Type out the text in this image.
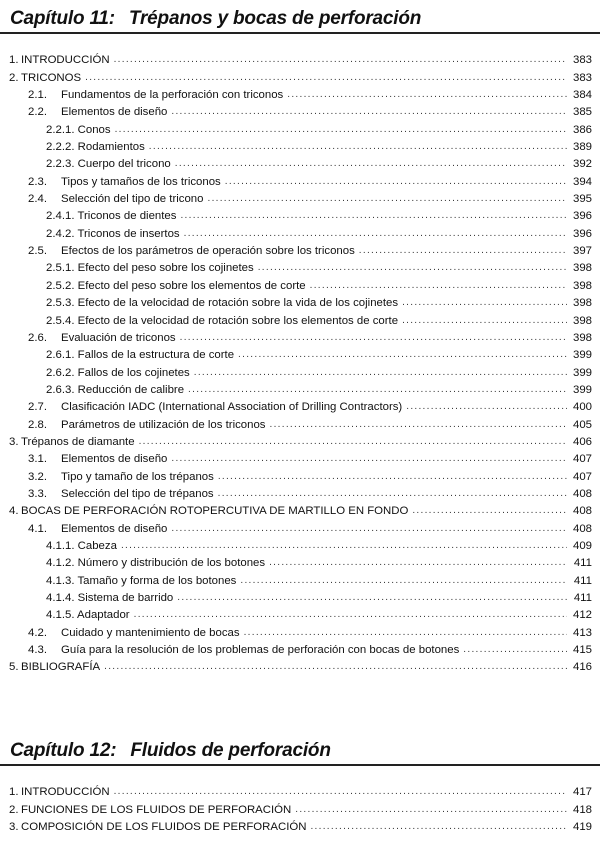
Capítulo 11: Trépanos y bocas de perforación
1. INTRODUCCIÓN .....	383
2. TRICONOS .....	383
2.1. Fundamentos de la perforación con triconos .....	384
2.2. Elementos de diseño .....	385
2.2.1. Conos .....	386
2.2.2. Rodamientos .....	389
2.2.3. Cuerpo del tricono .....	392
2.3. Tipos y tamaños de los triconos .....	394
2.4. Selección del tipo de tricono .....	395
2.4.1. Triconos de dientes .....	396
2.4.2. Triconos de insertos .....	396
2.5. Efectos de los parámetros de operación sobre los triconos .....	397
2.5.1. Efecto del peso sobre los cojinetes .....	398
2.5.2. Efecto del peso sobre los elementos de corte .....	398
2.5.3. Efecto de la velocidad de rotación sobre la vida de los cojinetes .....	398
2.5.4. Efecto de la velocidad de rotación sobre los elementos de corte .....	398
2.6. Evaluación de triconos .....	398
2.6.1. Fallos de la estructura de corte .....	399
2.6.2. Fallos de los cojinetes .....	399
2.6.3. Reducción de calibre .....	399
2.7. Clasificación IADC (International Association of Drilling Contractors) .....	400
2.8. Parámetros de utilización de los triconos .....	405
3. Trépanos de diamante .....	406
3.1. Elementos de diseño .....	407
3.2. Tipo y tamaño de los trépanos .....	407
3.3. Selección del tipo de trépanos .....	408
4. BOCAS DE PERFORACIÓN ROTOPERCUTIVA DE MARTILLO EN FONDO .....	408
4.1. Elementos de diseño .....	408
4.1.1. Cabeza .....	409
4.1.2. Número y distribución de los botones .....	411
4.1.3. Tamaño y forma de los botones .....	411
4.1.4. Sistema de barrido .....	411
4.1.5. Adaptador .....	412
4.2. Cuidado y mantenimiento de bocas .....	413
4.3. Guía para la resolución de los problemas de perforación con bocas de botones .....	415
5. BIBLIOGRAFÍA .....	416
Capítulo 12: Fluidos de perforación
1. INTRODUCCIÓN .....	417
2. FUNCIONES DE LOS FLUIDOS DE PERFORACIÓN .....	418
3. COMPOSICIÓN DE LOS FLUIDOS DE PERFORACIÓN .....	419
